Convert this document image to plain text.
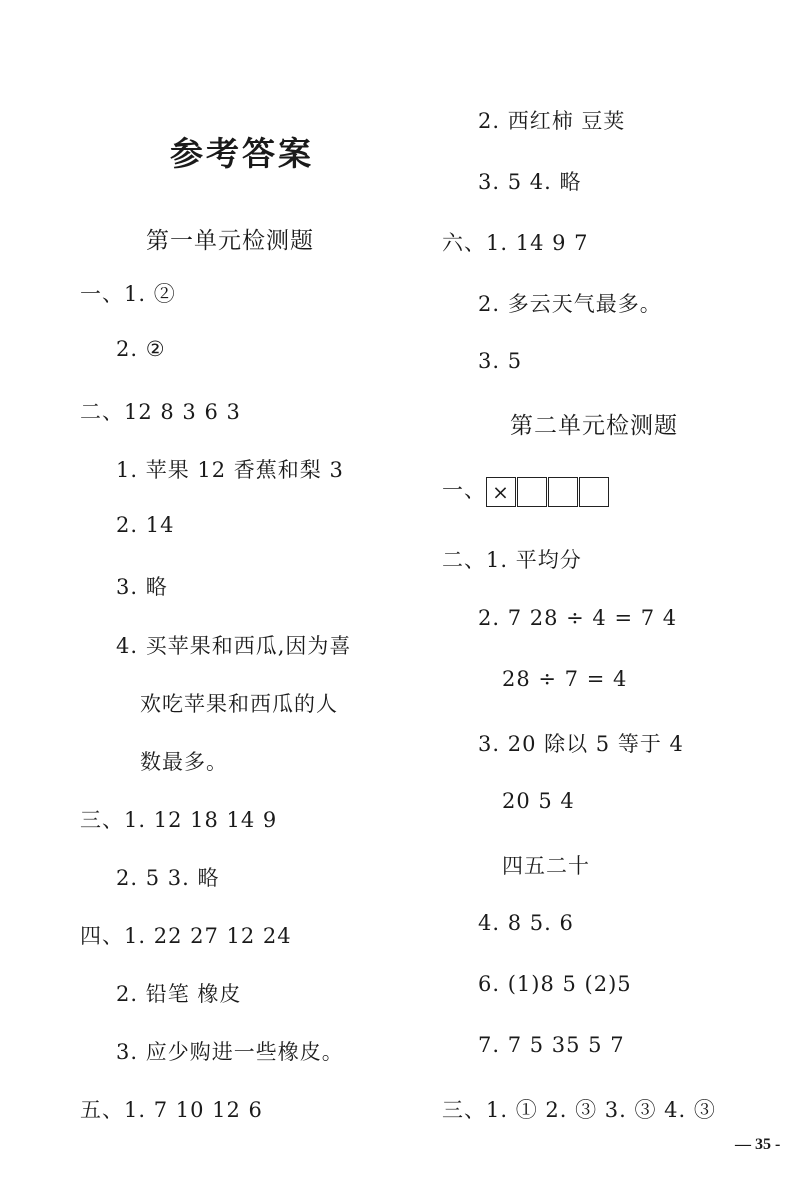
参考答案
第一单元检测题
一、1. ②
2. ②
二、12 8 3 6 3
1. 苹果 12 香蕉和梨 3
2. 14
3. 略
4. 买苹果和西瓜,因为喜
欢吃苹果和西瓜的人
数最多。
三、1. 12 18 14 9
2. 5 3. 略
四、1. 22 27 12 24
2. 铅笔 橡皮
3. 应少购进一些橡皮。
五、1. 7 10 12 6
2. 西红柿 豆荚
3. 5 4. 略
六、1. 14 9 7
2. 多云天气最多。
3. 5
第二单元检测题
一、 ×
二、1. 平均分
2. 7 28 ÷ 4 = 7 4
28 ÷ 7 = 4
3. 20 除以 5 等于 4
20 5 4
四五二十
4. 8 5. 6
6. (1)8 5 (2)5
7. 7 5 35 5 7
三、1. ① 2. ③ 3. ③ 4. ③
— 35 -
